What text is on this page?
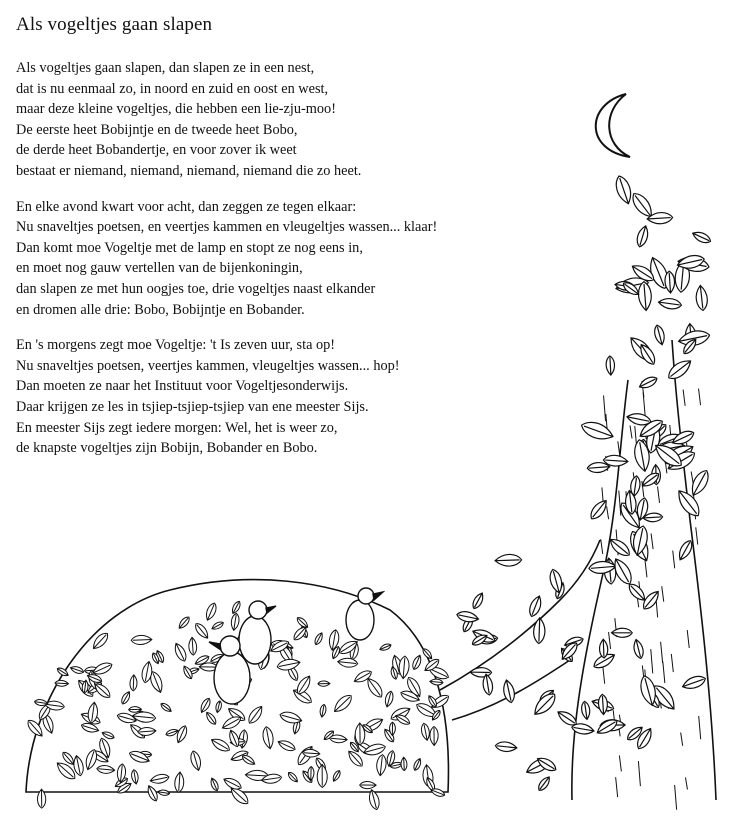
Als vogeltjes gaan slapen
Als vogeltjes gaan slapen, dan slapen ze in een nest,
dat is nu eenmaal zo, in noord en zuid en oost en west,
maar deze kleine vogeltjes, die hebben een lie-zju-moo!
De eerste heet Bobijntje en de tweede heet Bobo,
de derde heet Bobandertje, en voor zover ik weet
bestaat er niemand, niemand, niemand, niemand die zo heet.
En elke avond kwart voor acht, dan zeggen ze tegen elkaar:
Nu snaveltjes poetsen, en veertjes kammen en vleugeltjes wassen... klaar!
Dan komt moe Vogeltje met de lamp en stopt ze nog eens in,
en moet nog gauw vertellen van de bijenkoningin,
dan slapen ze met hun oogjes toe, drie vogeltjes naast elkander
en dromen alle drie: Bobo, Bobijntje en Bobander.
En 's morgens zegt moe Vogeltje: 't Is zeven uur, sta op!
Nu snaveltjes poetsen, veertjes kammen, vleugeltjes wassen... hop!
Dan moeten ze naar het Instituut voor Vogeltjesonderwijs.
Daar krijgen ze les in tsjiep-tsjiep-tsjiep van ene meester Sijs.
En meester Sijs zegt iedere morgen: Wel, het is weer zo,
de knapste vogeltjes zijn Bobijn, Bobander en Bobo.
